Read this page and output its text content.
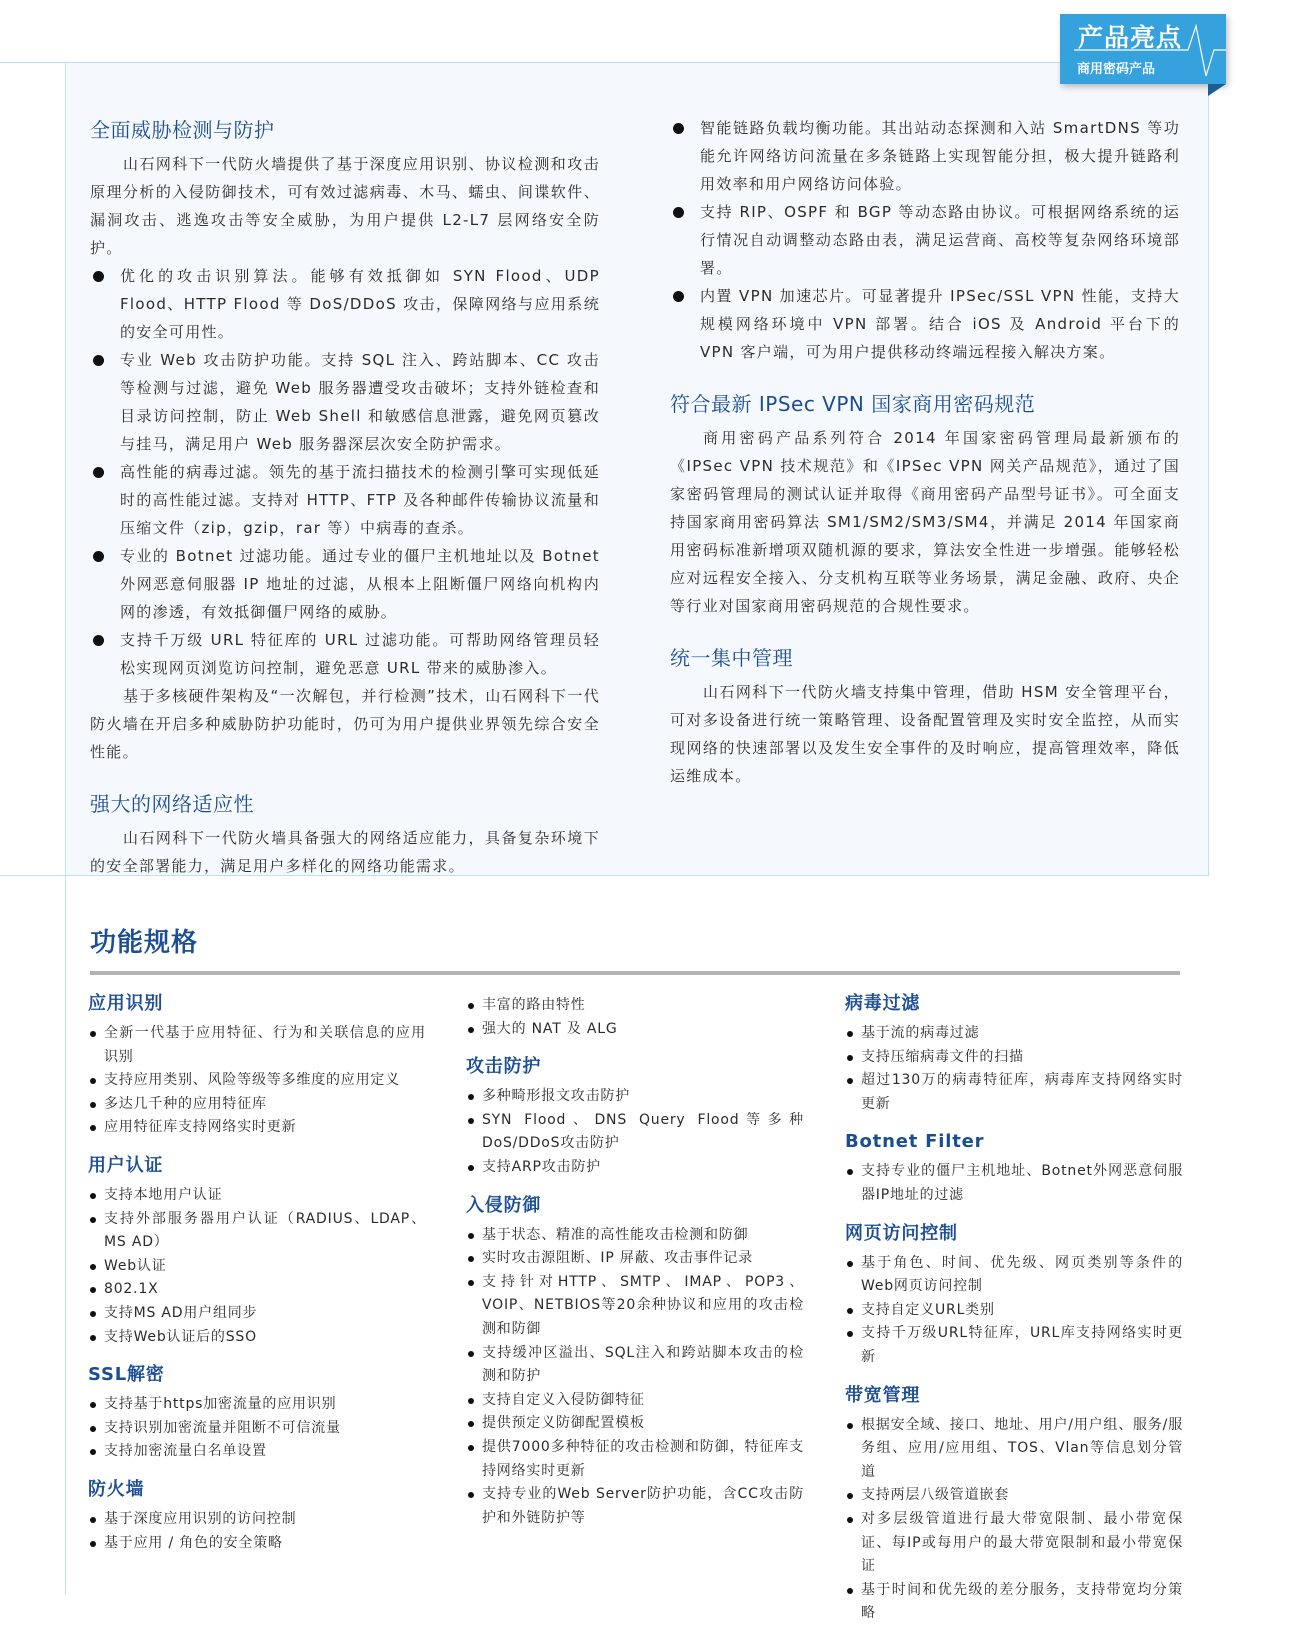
产品亮点
商用密码产品
全面威胁检测与防护

山石网科下一代防火墙提供了基于深度应用识别、协议检测和攻击原理分析的入侵防御技术，可有效过滤病毒、木马、蠕虫、间谍软件、漏洞攻击、逃逸攻击等安全威胁，为用户提供 L2-L7 层网络安全防护。

优化的攻击识别算法。能够有效抵御如 SYN Flood、UDP Flood、HTTP Flood 等 DoS/DDoS 攻击，保障网络与应用系统的安全可用性。
专业 Web 攻击防护功能。支持 SQL 注入、跨站脚本、CC 攻击等检测与过滤，避免 Web 服务器遭受攻击破坏；支持外链检查和目录访问控制，防止 Web Shell 和敏感信息泄露，避免网页篡改与挂马，满足用户 Web 服务器深层次安全防护需求。
高性能的病毒过滤。领先的基于流扫描技术的检测引擎可实现低延时的高性能过滤。支持对 HTTP、FTP 及各种邮件传输协议流量和压缩文件（zip，gzip，rar 等）中病毒的查杀。
专业的 Botnet 过滤功能。通过专业的僵尸主机地址以及 Botnet 外网恶意伺服器 IP 地址的过滤，从根本上阻断僵尸网络向机构内网的渗透，有效抵御僵尸网络的威胁。
支持千万级 URL 特征库的 URL 过滤功能。可帮助网络管理员轻松实现网页浏览访问控制，避免恶意 URL 带来的威胁渗入。

基于多核硬件架构及“一次解包，并行检测”技术，山石网科下一代防火墙在开启多种威胁防护功能时，仍可为用户提供业界领先综合安全性能。

强大的网络适应性

山石网科下一代防火墙具备强大的网络适应能力，具备复杂环境下的安全部署能力，满足用户多样化的网络功能需求。

智能链路负载均衡功能。其出站动态探测和入站 SmartDNS 等功能允许网络访问流量在多条链路上实现智能分担，极大提升链路利用效率和用户网络访问体验。
支持 RIP、OSPF 和 BGP 等动态路由协议。可根据网络系统的运行情况自动调整动态路由表，满足运营商、高校等复杂网络环境部署。
内置 VPN 加速芯片。可显著提升 IPSec/SSL VPN 性能，支持大规模网络环境中 VPN 部署。结合 iOS 及 Android 平台下的 VPN 客户端，可为用户提供移动终端远程接入解决方案。
符合最新 IPSec VPN 国家商用密码规范

商用密码产品系列符合 2014 年国家密码管理局最新颁布的《IPSec VPN 技术规范》和《IPSec VPN 网关产品规范》，通过了国家密码管理局的测试认证并取得《商用密码产品型号证书》。可全面支持国家商用密码算法 SM1/SM2/SM3/SM4，并满足 2014 年国家商用密码标准新增项双随机源的要求，算法安全性进一步增强。能够轻松应对远程安全接入、分支机构互联等业务场景，满足金融、政府、央企等行业对国家商用密码规范的合规性要求。

统一集中管理

山石网科下一代防火墙支持集中管理，借助 HSM 安全管理平台，可对多设备进行统一策略管理、设备配置管理及实时安全监控，从而实现网络的快速部署以及发生安全事件的及时响应，提高管理效率，降低运维成本。

功能规格
应用识别
全新一代基于应用特征、行为和关联信息的应用识别
支持应用类别、风险等级等多维度的应用定义
多达几千种的应用特征库
应用特征库支持网络实时更新
用户认证
支持本地用户认证
支持外部服务器用户认证（RADIUS、LDAP、MS AD）
Web认证
802.1X
支持MS AD用户组同步
支持Web认证后的SSO
SSL解密
支持基于https加密流量的应用识别
支持识别加密流量并阻断不可信流量
支持加密流量白名单设置
防火墙
基于深度应用识别的访问控制
基于应用 / 角色的安全策略
丰富的路由特性
强大的 NAT 及 ALG
攻击防护
多种畸形报文攻击防护
SYN Flood、DNS Query Flood等多种DoS/DDoS攻击防护
支持ARP攻击防护
入侵防御
基于状态、精准的高性能攻击检测和防御
实时攻击源阻断、IP 屏蔽、攻击事件记录
支持针对HTTP、SMTP、IMAP、POP3、VOIP、NETBIOS等20余种协议和应用的攻击检测和防御
支持缓冲区溢出、SQL注入和跨站脚本攻击的检测和防护
支持自定义入侵防御特征
提供预定义防御配置模板
提供7000多种特征的攻击检测和防御，特征库支持网络实时更新
支持专业的Web Server防护功能，含CC攻击防护和外链防护等
病毒过滤
基于流的病毒过滤
支持压缩病毒文件的扫描
超过130万的病毒特征库，病毒库支持网络实时更新
Botnet Filter
支持专业的僵尸主机地址、Botnet外网恶意伺服器IP地址的过滤
网页访问控制
基于角色、时间、优先级、网页类别等条件的Web网页访问控制
支持自定义URL类别
支持千万级URL特征库，URL库支持网络实时更新
带宽管理
根据安全域、接口、地址、用户/用户组、服务/服务组、应用/应用组、TOS、Vlan等信息划分管道
支持两层八级管道嵌套
对多层级管道进行最大带宽限制、最小带宽保证、每IP或每用户的最大带宽限制和最小带宽保证
基于时间和优先级的差分服务，支持带宽均分策略
